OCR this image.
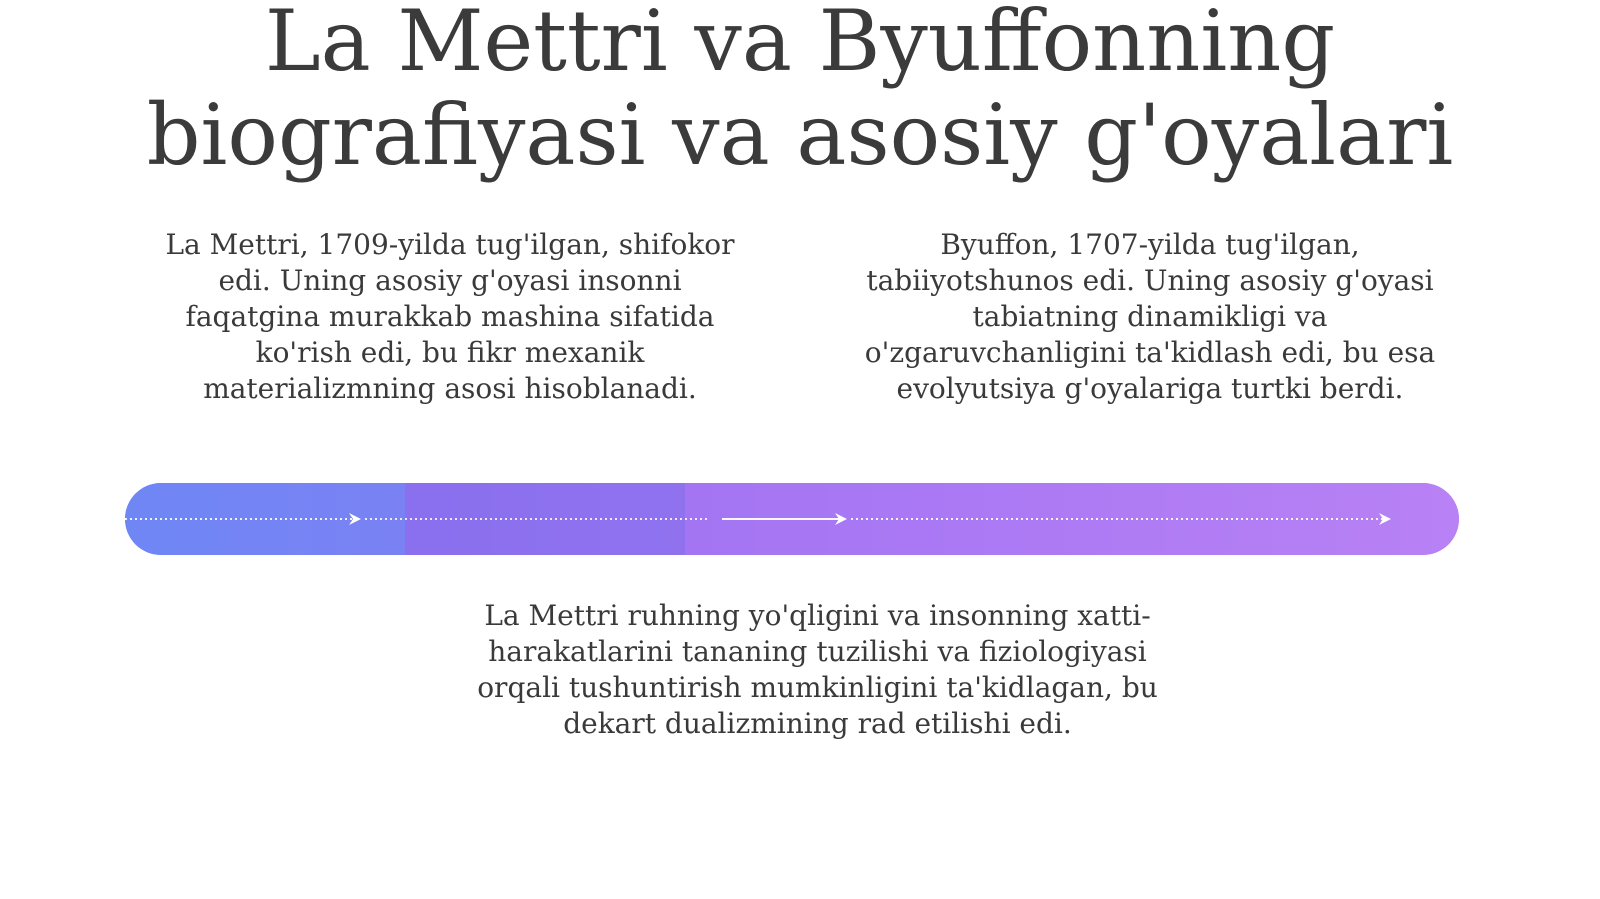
La Mettri va Byuffonning biografiyasi va asosiy g'oyalari

La Mettri, 1709-yilda tug'ilgan, shifokor edi. Uning asosiy g'oyasi insonni faqatgina murakkab mashina sifatida ko'rish edi, bu fikr mexanik materializmning asosi hisoblanadi.

Byuffon, 1707-yilda tug'ilgan, tabiiyotshunos edi. Uning asosiy g'oyasi tabiatning dinamikligi va o'zgaruvchanligini ta'kidlash edi, bu esa evolyutsiya g'oyalariga turtki berdi.

La Mettri ruhning yo'qligini va insonning xatti-harakatlarini tananing tuzilishi va fiziologiyasi orqali tushuntirish mumkinligini ta'kidlagan, bu dekart dualizmining rad etilishi edi.
